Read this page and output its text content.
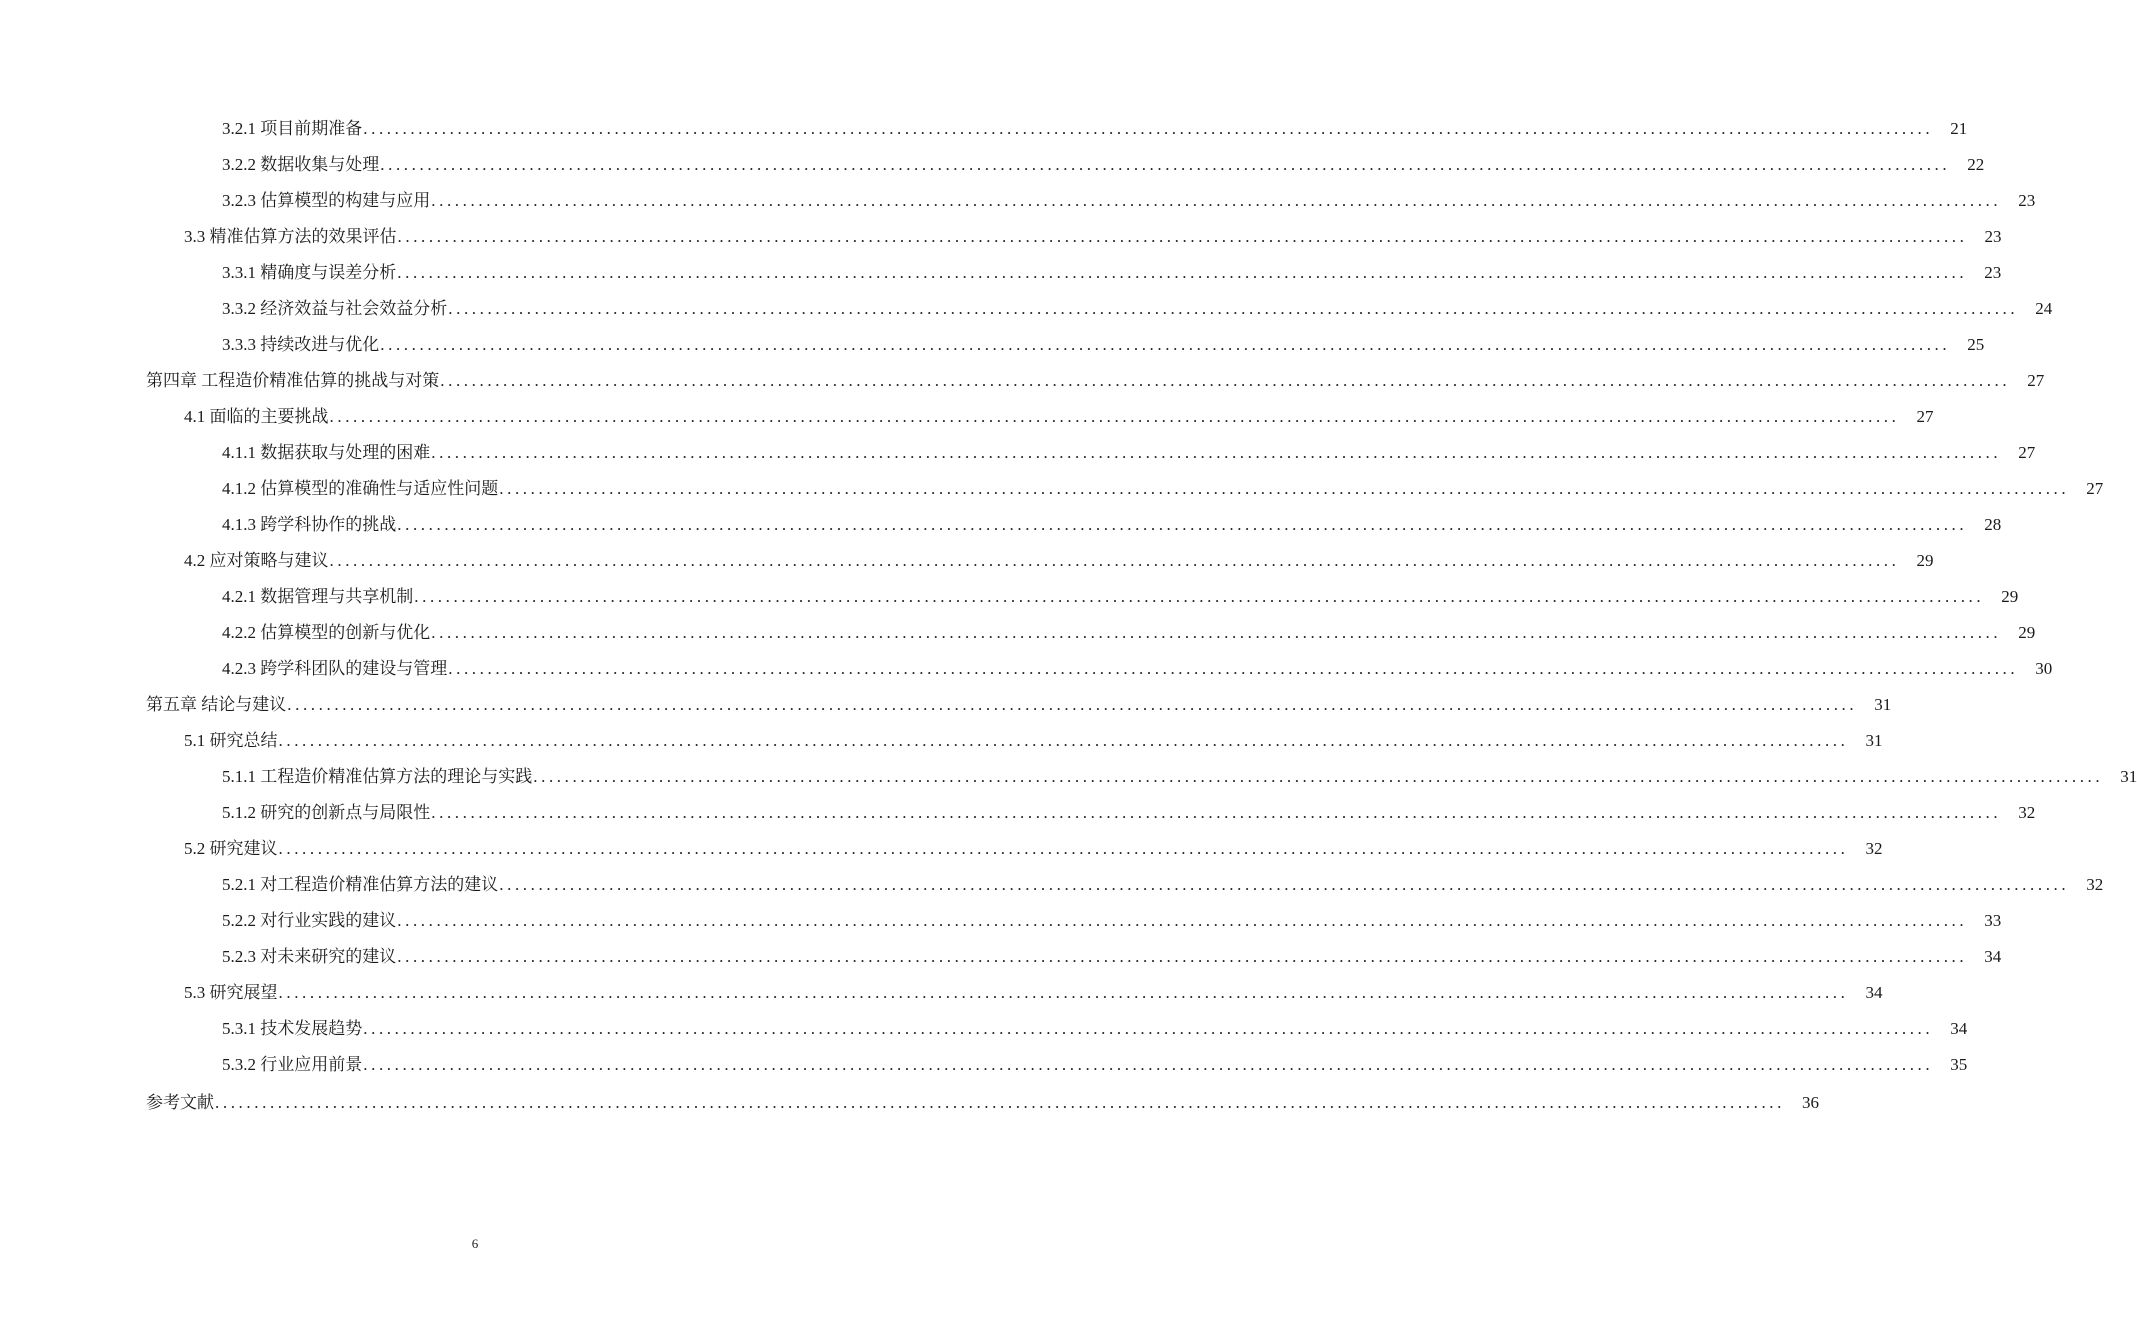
3.2.1 项目前期准备 ........................................................................................................................................................................................................	21
3.2.2 数据收集与处理 ........................................................................................................................................................................................................	22
3.2.3 估算模型的构建与应用 ........................................................................................................................................................................................................	23
3.3 精准估算方法的效果评估 ........................................................................................................................................................................................................	23
3.3.1 精确度与误差分析 ........................................................................................................................................................................................................	23
3.3.2 经济效益与社会效益分析 ........................................................................................................................................................................................................	24
3.3.3 持续改进与优化 ........................................................................................................................................................................................................	25
第四章 工程造价精准估算的挑战与对策 ........................................................................................................................................................................................................	27
4.1 面临的主要挑战 ........................................................................................................................................................................................................	27
4.1.1 数据获取与处理的困难 ........................................................................................................................................................................................................	27
4.1.2 估算模型的准确性与适应性问题 ........................................................................................................................................................................................................	27
4.1.3 跨学科协作的挑战 ........................................................................................................................................................................................................	28
4.2 应对策略与建议 ........................................................................................................................................................................................................	29
4.2.1 数据管理与共享机制 ........................................................................................................................................................................................................	29
4.2.2 估算模型的创新与优化 ........................................................................................................................................................................................................	29
4.2.3 跨学科团队的建设与管理 ........................................................................................................................................................................................................	30
第五章 结论与建议 ........................................................................................................................................................................................................	31
5.1 研究总结 ........................................................................................................................................................................................................	31
5.1.1 工程造价精准估算方法的理论与实践 ........................................................................................................................................................................................................	31
5.1.2 研究的创新点与局限性 ........................................................................................................................................................................................................	32
5.2 研究建议 ........................................................................................................................................................................................................	32
5.2.1 对工程造价精准估算方法的建议 ........................................................................................................................................................................................................	32
5.2.2 对行业实践的建议 ........................................................................................................................................................................................................	33
5.2.3 对未来研究的建议 ........................................................................................................................................................................................................	34
5.3 研究展望 ........................................................................................................................................................................................................	34
5.3.1 技术发展趋势 ........................................................................................................................................................................................................	34
5.3.2 行业应用前景 ........................................................................................................................................................................................................	35
参考文献 ........................................................................................................................................................................................................	36
6
